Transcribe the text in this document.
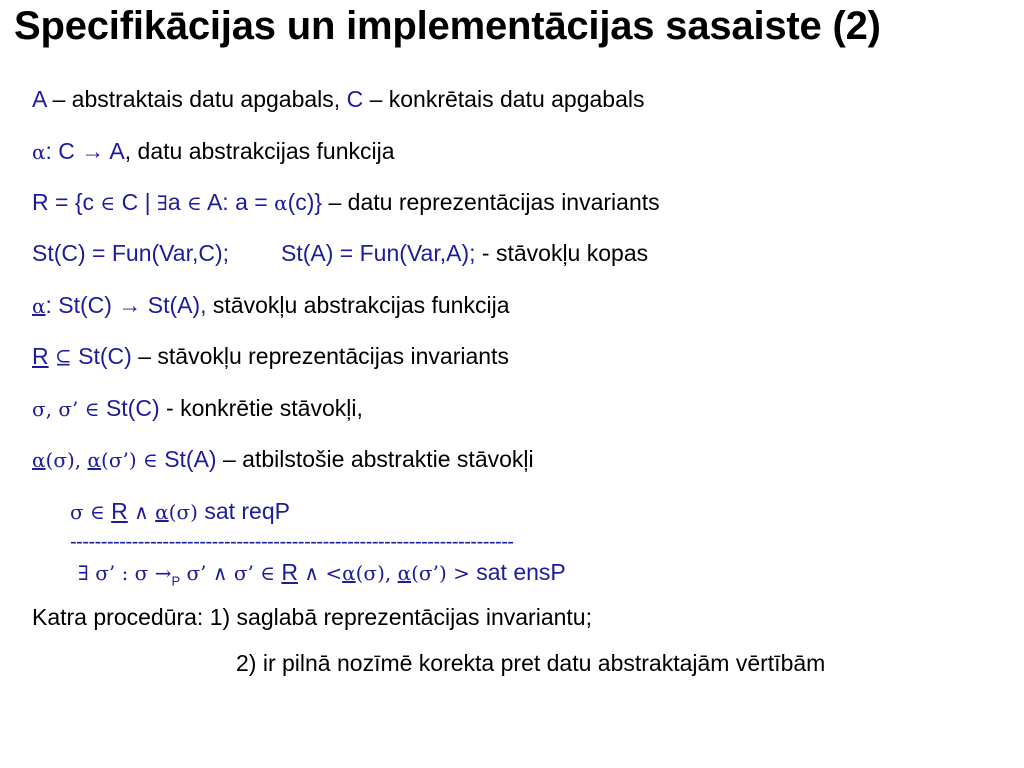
Specifikācijas un implementācijas sasaiste (2)
A – abstraktais datu apgabals, C – konkrētais datu apgabals
α: C → A, datu abstrakcijas funkcija
R = {c ∈ C | ∃a ∈ A: a = α(c)} – datu reprezentācijas invariants
St(C) = Fun(Var,C); St(A) = Fun(Var,A); - stāvokļu kopas
α: St(C) → St(A), stāvokļu abstrakcijas funkcija
R ⊆ St(C) – stāvokļu reprezentācijas invariants
σ, σ’ ∈ St(C) - konkrētie stāvokļi,
α(σ), α(σ’) ∈ St(A) – atbilstošie abstraktie stāvokļi
σ ∈ R ∧ α(σ) sat reqP
------------------------------------------------------------------------
∃ σ’ : $\sigma \to_P$ σ’ ∧ σ’ ∈ R ∧ <α(σ), α(σ’) > sat ensP
Katra procedūra: 1) saglabā reprezentācijas invariantu;
2) ir pilnā nozīmē korekta pret datu abstraktajām vērtībām
